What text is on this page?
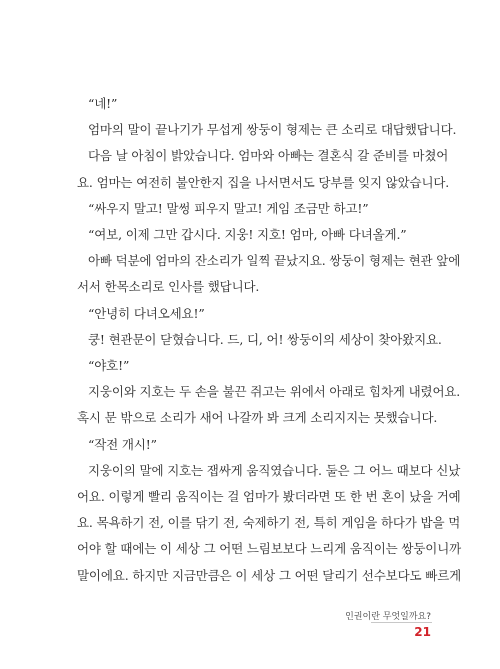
“네!”
엄마의 말이 끝나기가 무섭게 쌍둥이 형제는 큰 소리로 대답했답니다.
다음 날 아침이 밝았습니다. 엄마와 아빠는 결혼식 갈 준비를 마쳤어
요. 엄마는 여전히 불안한지 집을 나서면서도 당부를 잊지 않았습니다.
“싸우지 말고! 말썽 피우지 말고! 게임 조금만 하고!”
“여보, 이제 그만 갑시다. 지웅! 지호! 엄마, 아빠 다녀올게.”
아빠 덕분에 엄마의 잔소리가 일찍 끝났지요. 쌍둥이 형제는 현관 앞에
서서 한목소리로 인사를 했답니다.
“안녕히 다녀오세요!”
쿵! 현관문이 닫혔습니다. 드, 디, 어! 쌍둥이의 세상이 찾아왔지요.
“야호!”
지웅이와 지호는 두 손을 불끈 쥐고는 위에서 아래로 힘차게 내렸어요.
혹시 문 밖으로 소리가 새어 나갈까 봐 크게 소리지지는 못했습니다.
“작전 개시!”
지웅이의 말에 지호는 잽싸게 움직였습니다. 둘은 그 어느 때보다 신났
어요. 이렇게 빨리 움직이는 걸 엄마가 봤더라면 또 한 번 혼이 났을 거예
요. 목욕하기 전, 이를 닦기 전, 숙제하기 전, 특히 게임을 하다가 밥을 먹
어야 할 때에는 이 세상 그 어떤 느림보보다 느리게 움직이는 쌍둥이니까
말이에요. 하지만 지금만큼은 이 세상 그 어떤 달리기 선수보다도 빠르게
인권이란 무엇일까요?
21
